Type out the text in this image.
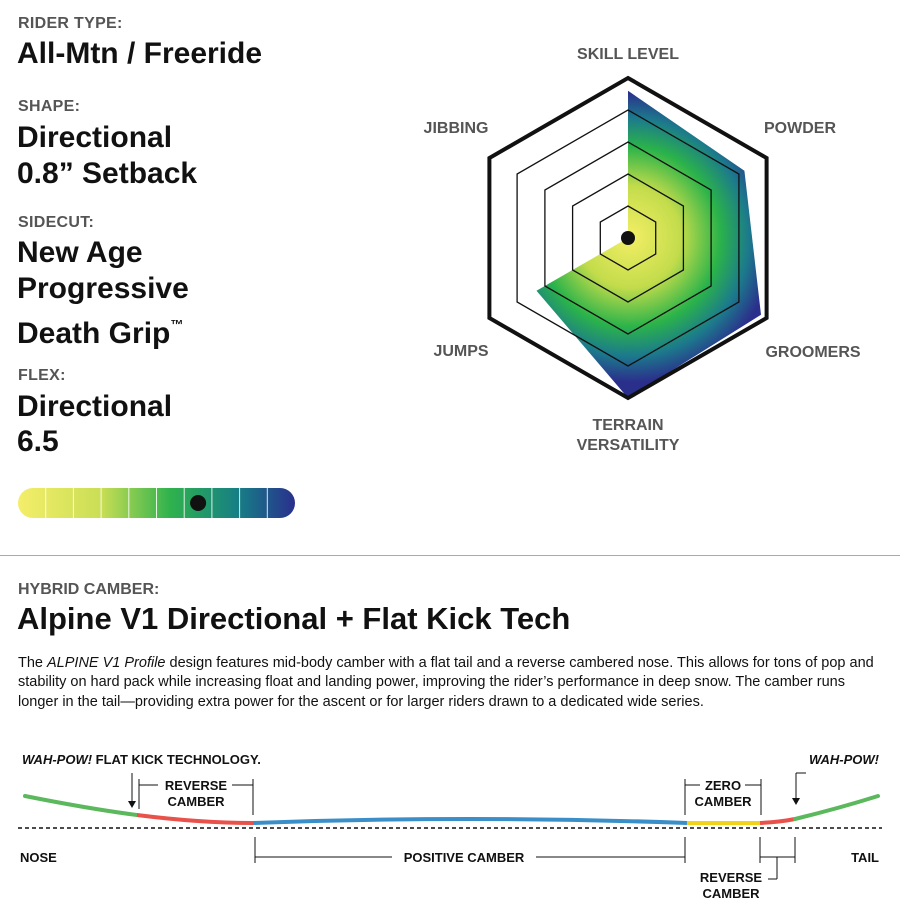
RIDER TYPE:
All-Mtn / Freeride
SHAPE:
Directional
0.8” Setback
SIDECUT:
New Age
Progressive
Death Grip™
FLEX:
Directional
6.5
SKILL LEVEL
POWDER
GROOMERS
TERRAIN
VERSATILITY
JUMPS
JIBBING
HYBRID CAMBER:
Alpine V1 Directional + Flat Kick Tech
The ALPINE V1 Profile design features mid-body camber with a flat tail and a reverse cambered nose. This allows for tons of pop and stability on hard pack while increasing float and landing power, improving the rider’s performance in deep snow. The camber runs longer in the tail—providing extra power for the ascent or for larger riders drawn to a dedicated wide series.
WAH-POW! FLAT KICK TECHNOLOGY.
REVERSE
CAMBER
ZERO
CAMBER
WAH-POW!
NOSE	TAIL
POSITIVE CAMBER
REVERSE
CAMBER
